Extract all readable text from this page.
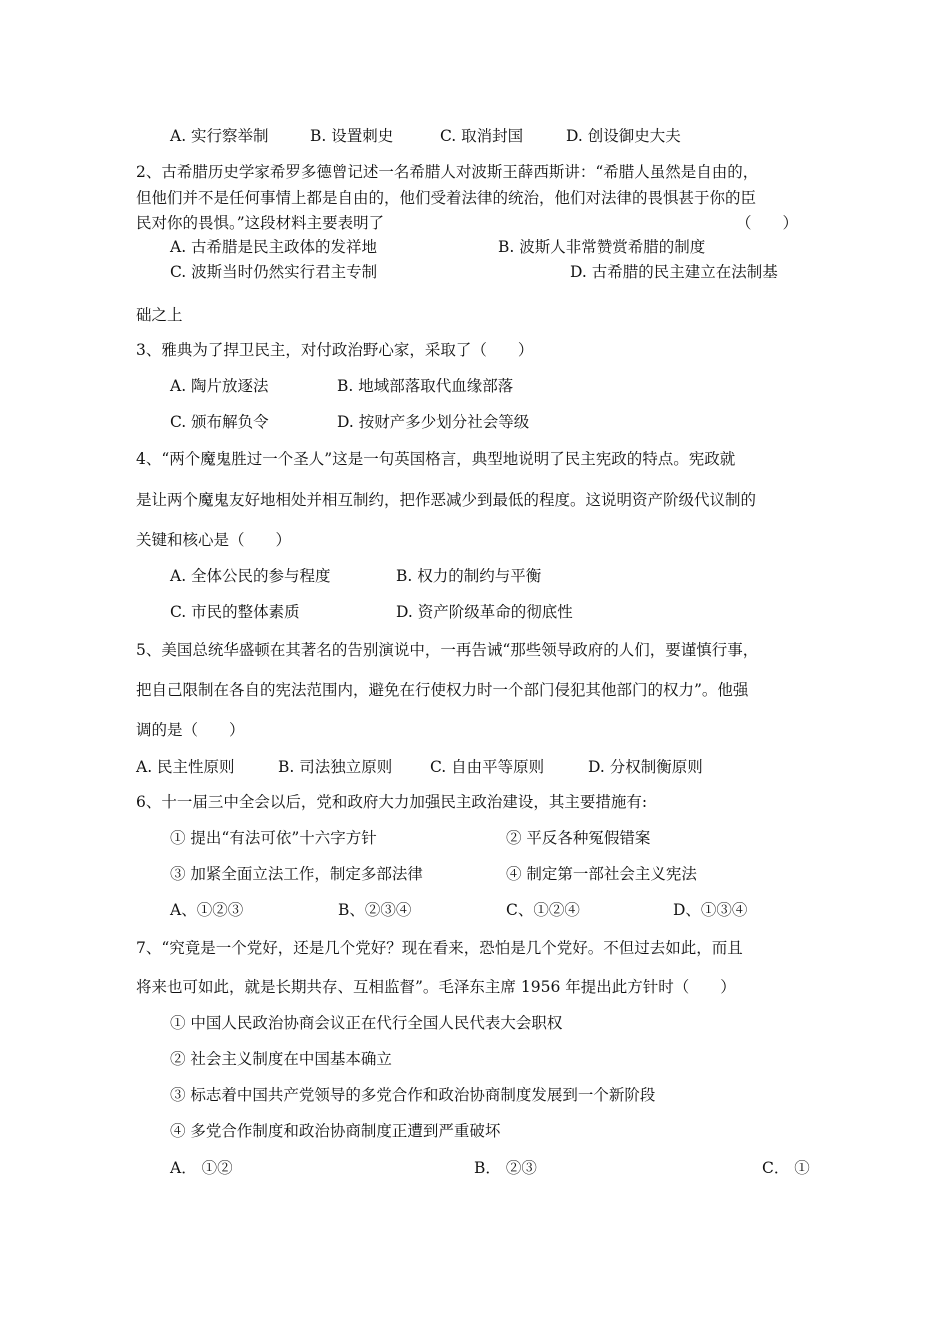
A. 实行察举制	B. 设置刺史	C. 取消封国	D. 创设御史大夫
2、古希腊历史学家希罗多德曾记述一名希腊人对波斯王薛西斯讲：“希腊人虽然是自由的，
但他们并不是任何事情上都是自由的，他们受着法律的统治，他们对法律的畏惧甚于你的臣
民对你的畏惧。”这段材料主要表明了	（　　）
A. 古希腊是民主政体的发祥地	B. 波斯人非常赞赏希腊的制度
C. 波斯当时仍然实行君主专制	D. 古希腊的民主建立在法制基
础之上
3、雅典为了捍卫民主，对付政治野心家，采取了（　　）
A. 陶片放逐法	B. 地域部落取代血缘部落
C. 颁布解负令	D. 按财产多少划分社会等级
4、“两个魔鬼胜过一个圣人”这是一句英国格言，典型地说明了民主宪政的特点。宪政就
是让两个魔鬼友好地相处并相互制约，把作恶减少到最低的程度。这说明资产阶级代议制的
关键和核心是（　　）
A. 全体公民的参与程度	B. 权力的制约与平衡
C. 市民的整体素质	D. 资产阶级革命的彻底性
5、美国总统华盛顿在其著名的告别演说中，一再告诫“那些领导政府的人们，要谨慎行事，
把自己限制在各自的宪法范围内，避免在行使权力时一个部门侵犯其他部门的权力”。他强
调的是（　　）
A. 民主性原则	B. 司法独立原则 C. 自由平等原则	D. 分权制衡原则
6、十一届三中全会以后，党和政府大力加强民主政治建设，其主要措施有:
① 提出“有法可依”十六字方针	② 平反各种冤假错案
③ 加紧全面立法工作，制定多部法律	④ 制定第一部社会主义宪法
A、①②③	B、②③④	C、①②④	D、①③④
7、“究竟是一个党好，还是几个党好？现在看来，恐怕是几个党好。不但过去如此，而且
将来也可如此，就是长期共存、互相监督”。毛泽东主席 1956 年提出此方针时（　　）
① 中国人民政治协商会议正在代行全国人民代表大会职权
② 社会主义制度在中国基本确立
③ 标志着中国共产党领导的多党合作和政治协商制度发展到一个新阶段
④ 多党合作制度和政治协商制度正遭到严重破坏
A． ①②	B． ②③	C． ①
